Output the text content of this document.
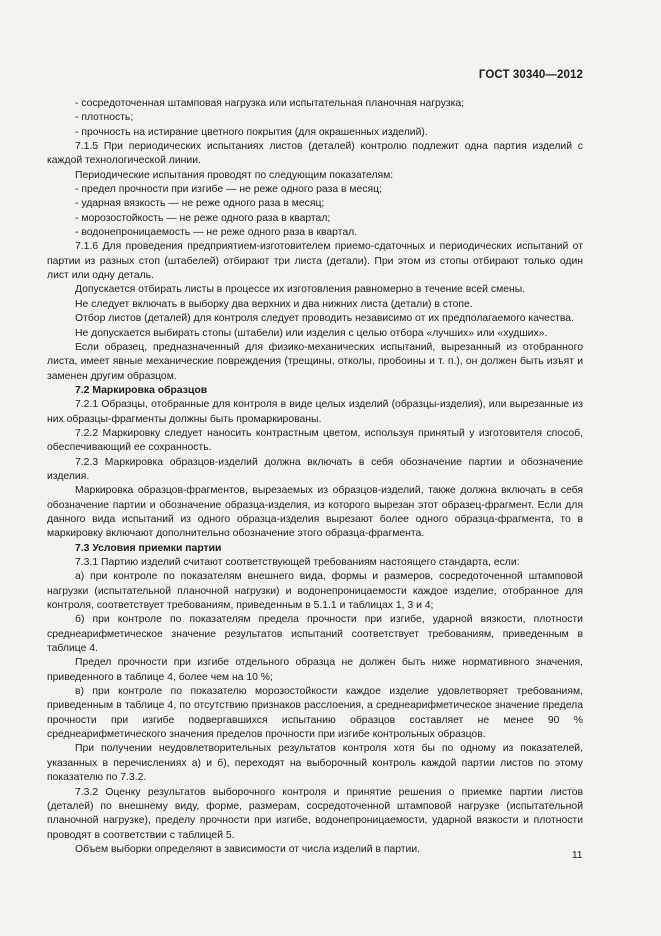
ГОСТ 30340—2012

- сосредоточенная штамповая нагрузка или испытательная планочная нагрузка;

- плотность;

- прочность на истирание цветного покрытия (для окрашенных изделий).

7.1.5 При периодических испытаниях листов (деталей) контролю подлежит одна партия изделий с каждой технологической линии.

Периодические испытания проводят по следующим показателям:

- предел прочности при изгибе — не реже одного раза в месяц;

- ударная вязкость — не реже одного раза в месяц;

- морозостойкость — не реже одного раза в квартал;

- водонепроницаемость — не реже одного раза в квартал.

7.1.6 Для проведения предприятием-изготовителем приемо-сдаточных и периодических испытаний от партии из разных стоп (штабелей) отбирают три листа (детали). При этом из стопы отбирают только один лист или одну деталь.

Допускается отбирать листы в процессе их изготовления равномерно в течение всей смены.

Не следует включать в выборку два верхних и два нижних листа (детали) в стопе.

Отбор листов (деталей) для контроля следует проводить независимо от их предполагаемого качества.

Не допускается выбирать стопы (штабели) или изделия с целью отбора «лучших» или «худших».

Если образец, предназначенный для физико-механических испытаний, вырезанный из отобранного листа, имеет явные механические повреждения (трещины, отколы, пробоины и т. п.), он должен быть изъят и заменен другим образцом.

7.2 Маркировка образцов

7.2.1 Образцы, отобранные для контроля в виде целых изделий (образцы-изделия), или вырезанные из них образцы-фрагменты должны быть промаркированы.

7.2.2 Маркировку следует наносить контрастным цветом, используя принятый у изготовителя способ, обеспечивающий ее сохранность.

7.2.3 Маркировка образцов-изделий должна включать в себя обозначение партии и обозначение изделия.

Маркировка образцов-фрагментов, вырезаемых из образцов-изделий, также должна включать в себя обозначение партии и обозначение образца-изделия, из которого вырезан этот образец-фрагмент. Если для данного вида испытаний из одного образца-изделия вырезают более одного образца-фрагмента, то в маркировку включают дополнительно обозначение этого образца-фрагмента.

7.3 Условия приемки партии

7.3.1 Партию изделий считают соответствующей требованиям настоящего стандарта, если:

а) при контроле по показателям внешнего вида, формы и размеров, сосредоточенной штамповой нагрузки (испытательной планочной нагрузки) и водонепроницаемости каждое изделие, отобранное для контроля, соответствует требованиям, приведенным в 5.1.1 и таблицах 1, 3 и 4;

б) при контроле по показателям предела прочности при изгибе, ударной вязкости, плотности среднеарифметическое значение результатов испытаний соответствует требованиям, приведенным в таблице 4.

Предел прочности при изгибе отдельного образца не должен быть ниже нормативного значения, приведенного в таблице 4, более чем на 10 %;

в) при контроле по показателю морозостойкости каждое изделие удовлетворяет требованиям, приведенным в таблице 4, по отсутствию признаков расслоения, а среднеарифметическое значение предела прочности при изгибе подвергавшихся испытанию образцов составляет не менее 90 % среднеарифметического значения пределов прочности при изгибе контрольных образцов.

При получении неудовлетворительных результатов контроля хотя бы по одному из показателей, указанных в перечислениях а) и б), переходят на выборочный контроль каждой партии листов по этому показателю по 7.3.2.

7.3.2 Оценку результатов выборочного контроля и принятие решения о приемке партии листов (деталей) по внешнему виду, форме, размерам, сосредоточенной штамповой нагрузке (испытательной планочной нагрузке), пределу прочности при изгибе, водонепроницаемости, ударной вязкости и плотности проводят в соответствии с таблицей 5.

Объем выборки определяют в зависимости от числа изделий в партии.

11
